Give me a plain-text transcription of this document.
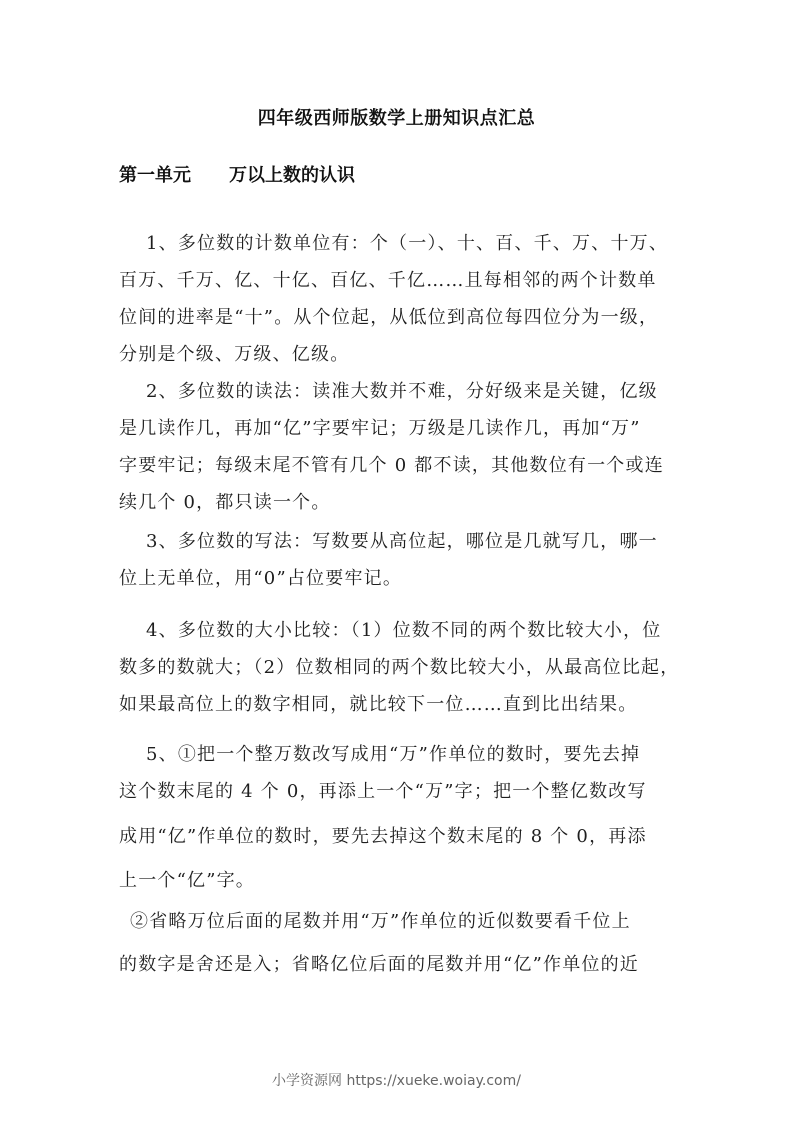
四年级西师版数学上册知识点汇总
第一单元 万以上数的认识
1、多位数的计数单位有：个（一）、十、百、千、万、十万、
百万、千万、亿、十亿、百亿、千亿……且每相邻的两个计数单
位间的进率是“十”。从个位起，从低位到高位每四位分为一级，
分别是个级、万级、亿级。
2、多位数的读法：读准大数并不难，分好级来是关键，亿级
是几读作几，再加“亿”字要牢记；万级是几读作几，再加“万”
字要牢记；每级末尾不管有几个 0 都不读，其他数位有一个或连
续几个 0，都只读一个。
3、多位数的写法：写数要从高位起，哪位是几就写几，哪一
位上无单位，用“0”占位要牢记。
4、多位数的大小比较：（1）位数不同的两个数比较大小，位
数多的数就大；（2）位数相同的两个数比较大小，从最高位比起，
如果最高位上的数字相同，就比较下一位……直到比出结果。
5、①把一个整万数改写成用“万”作单位的数时，要先去掉
这个数末尾的 4 个 0，再添上一个“万”字；把一个整亿数改写
成用“亿”作单位的数时，要先去掉这个数末尾的 8 个 0，再添
上一个“亿”字。
②省略万位后面的尾数并用“万”作单位的近似数要看千位上
的数字是舍还是入；省略亿位后面的尾数并用“亿”作单位的近
小学资源网 https://xueke.woiay.com/
